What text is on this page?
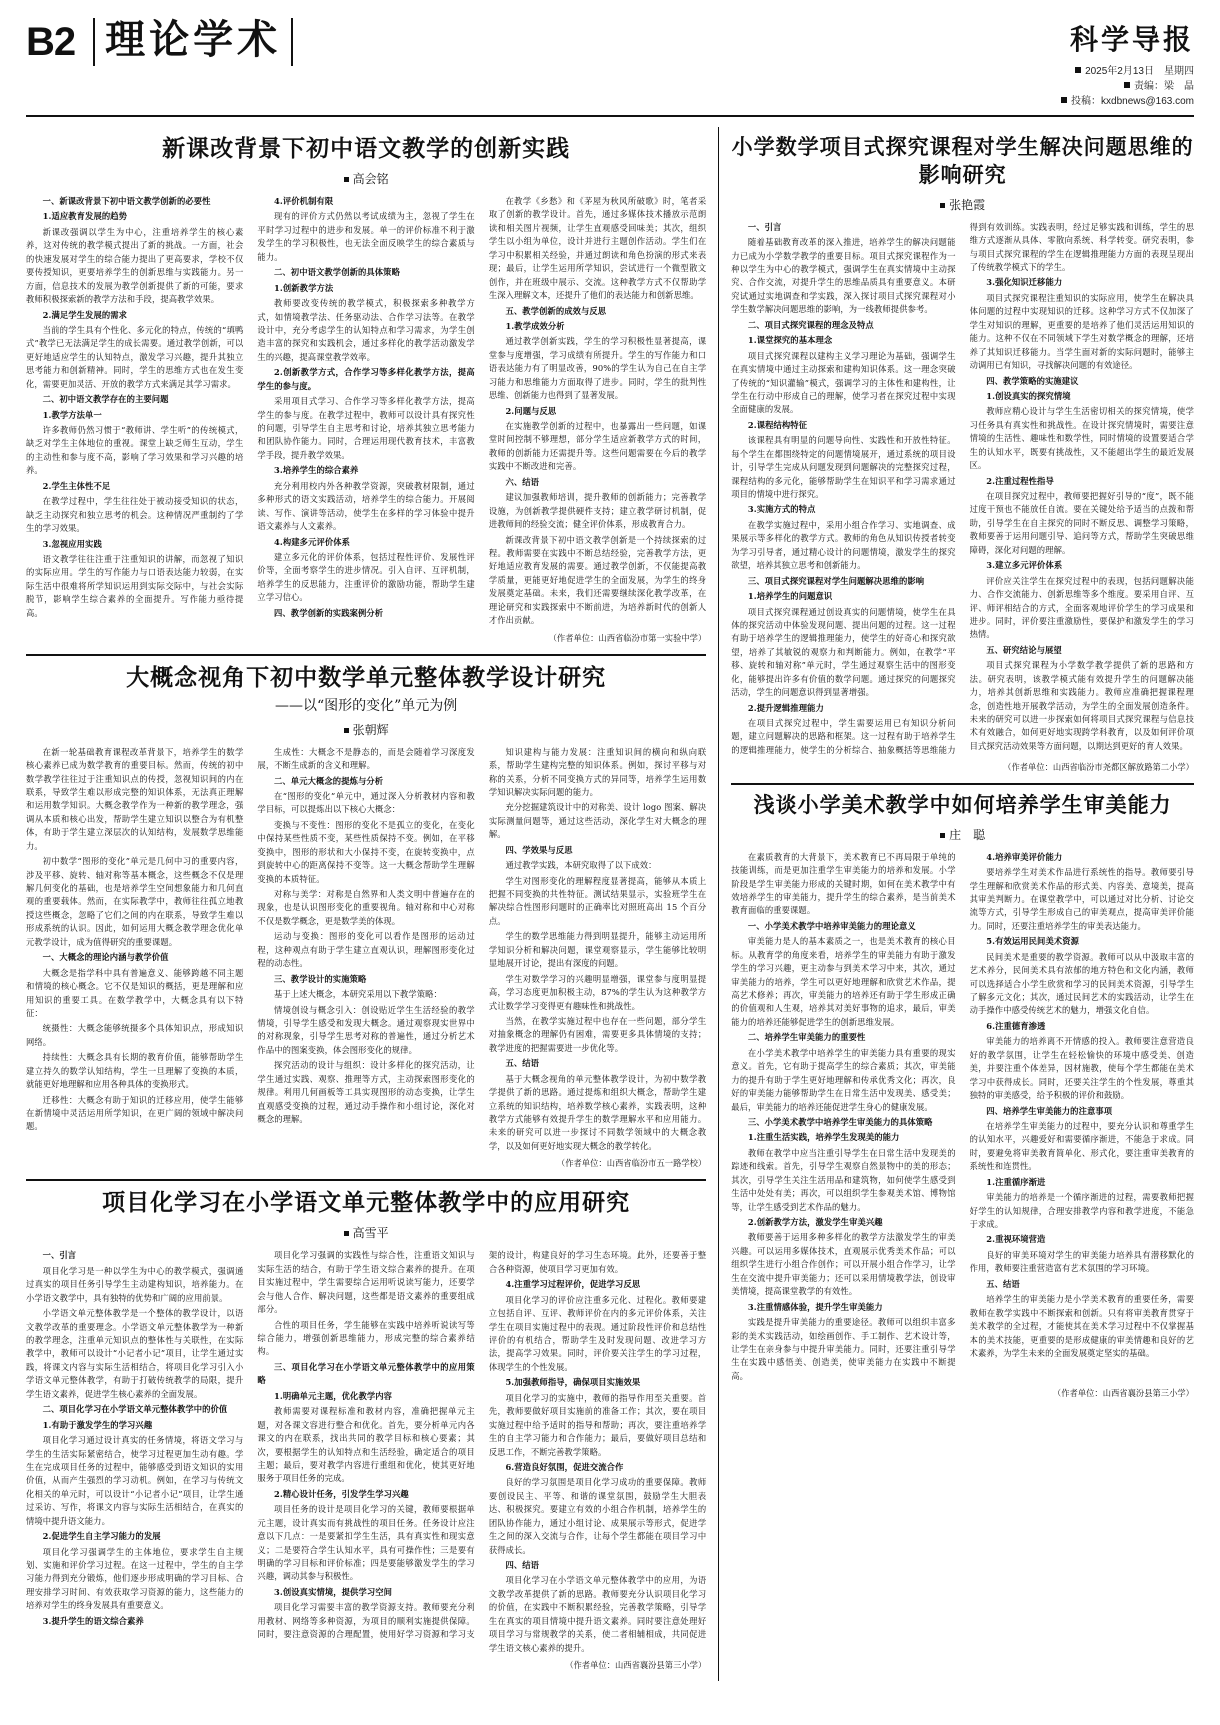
B2 理论学术	科学导报
2025年2月13日　星期四
责编：梁　晶
投稿：kxdbnews@163.com
新课改背景下初中语文教学的创新实践
高会铭

一、新课改背景下初中语文教学创新的必要性

1.适应教育发展的趋势

新课改强调以学生为中心，注重培养学生的核心素养，这对传统的教学模式提出了新的挑战。一方面，社会的快速发展对学生的综合能力提出了更高要求，学校不仅要传授知识，更要培养学生的创新思维与实践能力。另一方面，信息技术的发展为教学创新提供了新的可能，要求教师积极探索新的教学方法和手段，提高教学效果。

2.满足学生发展的需求

当前的学生具有个性化、多元化的特点，传统的“填鸭式”教学已无法满足学生的成长需要。通过教学创新，可以更好地适应学生的认知特点，激发学习兴趣，提升其独立思考能力和创新精神。同时，学生的思维方式也在发生变化，需要更加灵活、开放的教学方式来满足其学习需求。

二、初中语文教学存在的主要问题

1.教学方法单一

许多教师仍然习惯于“教师讲、学生听”的传统模式，缺乏对学生主体地位的重视。课堂上缺乏师生互动，学生的主动性和参与度不高，影响了学习效果和学习兴趣的培养。

2.学生主体性不足

在教学过程中，学生往往处于被动接受知识的状态，缺乏主动探究和独立思考的机会。这种情况严重制约了学生的学习效果。

3.忽视应用实践

语文教学往往注重于注重知识的讲解，而忽视了知识的实际应用。学生的写作能力与口语表达能力较弱，在实际生活中很难将所学知识运用到实际交际中，与社会实际脱节，影响学生综合素养的全面提升。写作能力亟待提高。

4.评价机制有限

现有的评价方式仍然以考试成绩为主，忽视了学生在平时学习过程中的进步和发展。单一的评价标准不利于激发学生的学习积极性，也无法全面反映学生的综合素质与能力。

二、初中语文教学创新的具体策略

1.创新教学方法

教师要改变传统的教学模式，积极探索多种教学方式，如情境教学法、任务驱动法、合作学习法等。在教学设计中，充分考虑学生的认知特点和学习需求，为学生创造丰富的探究和实践机会，通过多样化的教学活动激发学生的兴趣，提高课堂教学效率。

2.创新教学方式，合作学习等多样化教学方法，提高学生的参与度。

采用项目式学习、合作学习等多样化教学方法，提高学生的参与度。在教学过程中，教师可以设计具有探究性的问题，引导学生自主思考和讨论，培养其独立思考能力和团队协作能力。同时，合理运用现代教育技术，丰富教学手段，提升教学效果。

3.培养学生的综合素养

充分利用校内外各种教学资源，突破教材限制，通过多种形式的语文实践活动，培养学生的综合能力。开展阅读、写作、演讲等活动，使学生在多样的学习体验中提升语文素养与人文素养。

4.构建多元评价体系

建立多元化的评价体系，包括过程性评价、发展性评价等，全面考察学生的进步情况。引入自评、互评机制，培养学生的反思能力，注重评价的激励功能，帮助学生建立学习信心。

四、教学创新的实践案例分析

在教学《乡愁》和《茅屋为秋风所破歌》时，笔者采取了创新的教学设计。首先，通过多媒体技术播放示范朗读和相关图片视频，让学生直观感受回味美；其次，组织学生以小组为单位，设计并进行主题创作活动。学生们在学习中积累相关经验，并通过朗读和角色扮演的形式来表现；最后，让学生运用所学知识，尝试进行一个微型散文创作，并在班级中展示、交流。这种教学方式不仅帮助学生深入理解文本，还提升了他们的表达能力和创新思维。

五、教学创新的成效与反思

1.教学成效分析

通过教学创新实践，学生的学习积极性显著提高，课堂参与度增强，学习成绩有所提升。学生的写作能力和口语表达能力有了明显改善，90%的学生认为自己在自主学习能力和思维能力方面取得了进步。同时，学生的批判性思维、创新能力也得到了显著发展。

2.问题与反思

在实施教学创新的过程中，也暴露出一些问题，如课堂时间控制不够理想，部分学生适应新教学方式的时间，教师的创新能力还需提升等。这些问题需要在今后的教学实践中不断改进和完善。

六、结语

建议加强教师培训，提升教师的创新能力；完善教学设施，为创新教学提供硬件支持；建立教学研讨机制，促进教师间的经验交流；健全评价体系，形成教育合力。

新课改背景下初中语文教学创新是一个持续探索的过程。教师需要在实践中不断总结经验，完善教学方法，更好地适应教育发展的需要。通过教学创新，不仅能提高教学质量，更能更好地促进学生的全面发展，为学生的终身发展奠定基础。未来，我们还需要继续深化教学改革，在理论研究和实践探索中不断前进，为培养新时代的创新人才作出贡献。

（作者单位：山西省临汾市第一实验中学）

大概念视角下初中数学单元整体教学设计研究
——以“图形的变化”单元为例
张朝辉

在新一轮基础教育课程改革背景下，培养学生的数学核心素养已成为数学教育的重要目标。然而，传统的初中数学教学往往过于注重知识点的传授，忽视知识间的内在联系，导致学生难以形成完整的知识体系，无法真正理解和运用数学知识。大概念教学作为一种新的教学理念，强调从本质和核心出发，帮助学生建立知识以整合为有机整体，有助于学生建立深层次的认知结构，发展数学思维能力。

初中数学“图形的变化”单元是几何中习的重要内容，涉及平移、旋转、轴对称等基本概念，这些概念不仅是理解几何变化的基础，也是培养学生空间想象能力和几何直观的重要载体。然而，在实际教学中，教师往往孤立地教授这些概念，忽略了它们之间的内在联系，导致学生难以形成系统的认识。因此，如何运用大概念教学理念优化单元教学设计，成为值得研究的重要课题。

一、大概念的理论内涵与教学价值

大概念是指学科中具有普遍意义、能够跨越不同主题和情境的核心概念。它不仅是知识的概括，更是理解和应用知识的重要工具。在数学教学中，大概念具有以下特征：

统摄性：大概念能够统摄多个具体知识点，形成知识网络。

持续性：大概念具有长期的教育价值，能够帮助学生建立持久的数学认知结构，学生一旦理解了变换的本质，就能更好地理解和应用各种具体的变换形式。

迁移性：大概念有助于知识的迁移应用，使学生能够在新情境中灵活运用所学知识，在更广阔的领域中解决问题。

生成性：大概念不是静态的，而是会随着学习深度发展，不断生成新的含义和理解。

二、单元大概念的提炼与分析

在“图形的变化”单元中，通过深入分析教材内容和教学目标，可以提炼出以下核心大概念：

变换与不变性：图形的变化不是孤立的变化，在变化中保持某些性质不变，某些性质保持不变。例如，在平移变换中，图形的形状和大小保持不变，在旋转变换中，点到旋转中心的距离保持不变等。这一大概念帮助学生理解变换的本质特征。

对称与美学：对称是自然界和人类文明中普遍存在的现象，也是认识图形变化的重要视角。轴对称和中心对称不仅是数学概念，更是数学美的体现。

运动与变换：图形的变化可以看作是图形的运动过程，这种观点有助于学生建立直观认识，理解图形变化过程的动态性。

三、教学设计的实施策略

基于上述大概念，本研究采用以下教学策略：

情境创设与概念引入：创设贴近学生生活经验的教学情境，引导学生感受和发现大概念。通过观察现实世界中的对称现象，引导学生思考对称的普遍性，通过分析艺术作品中的图案变换，体会图形变化的规律。

探究活动的设计与组织：设计多样化的探究活动，让学生通过实践、观察、推理等方式，主动探索图形变化的规律。利用几何画板等工具实现图形的动态变换，让学生直观感受变换的过程，通过动手操作和小组讨论，深化对概念的理解。

知识建构与能力发展：注重知识间的横向和纵向联系，帮助学生建构完整的知识体系。例如，探讨平移与对称的关系，分析不同变换方式的异同等，培养学生运用数学知识解决实际问题的能力。

充分挖掘建筑设计中的对称美、设计 logo 图案、解决实际测量问题等，通过这些活动，深化学生对大概念的理解。

四、学效果与反思

通过教学实践，本研究取得了以下成效：

学生对图形变化的理解程度显著提高，能够从本质上把握不同变换的共性特征。测试结果显示，实验班学生在解决综合性图形问题时的正确率比对照班高出 15 个百分点。

学生的数学思维能力得到明显提升，能够主动运用所学知识分析和解决问题，课堂观察显示，学生能够比较明显地展开讨论，提出有深度的问题。

学生对数学学习的兴趣明显增强，课堂参与度明显提高，学习态度更加积极主动，87%的学生认为这种教学方式让数学学习变得更有趣味性和挑战性。

当然，在教学实施过程中也存在一些问题，部分学生对抽象概念的理解仍有困难，需要更多具体情境的支持；教学进度的把握需要进一步优化等。

五、结语

基于大概念视角的单元整体教学设计，为初中数学教学提供了新的思路。通过提炼和组织大概念，帮助学生建立系统的知识结构，培养数学核心素养，实践表明，这种教学方式能够有效提升学生的数学理解水平和应用能力。未来的研究可以进一步探讨不同数学领域中的大概念教学，以及如何更好地实现大概念的教学转化。

（作者单位：山西省临汾市五一路学校）

项目化学习在小学语文单元整体教学中的应用研究
高雪平

一、引言

项目化学习是一种以学生为中心的教学模式，强调通过真实的项目任务引导学生主动建构知识，培养能力。在小学语文教学中，具有独特的优势和广阔的应用前景。

小学语文单元整体教学是一个整体的教学设计，以语文教学改革的重要理念。小学语文单元整体教学为一种新的教学理念，注重单元知识点的整体性与关联性，在实际教学中，教师可以设计“小记者小记”项目，让学生通过实践，将课文内容与实际生活相结合，将项目化学习引入小学语文单元整体教学，有助于打破传统教学的局限，提升学生语文素养，促进学生核心素养的全面发展。

二、项目化学习在小学语文单元整体教学中的价值

1.有助于激发学生的学习兴趣

项目化学习通过设计真实的任务情境，将语文学习与学生的生活实际紧密结合，使学习过程更加生动有趣。学生在完成项目任务的过程中，能够感受到语文知识的实用价值，从而产生强烈的学习动机。例如，在学习与传统文化相关的单元时，可以设计“小记者小记”项目，让学生通过采访、写作，将课文内容与实际生活相结合，在真实的情境中提升语文能力。

2.促进学生自主学习能力的发展

项目化学习强调学生的主体地位，要求学生自主规划、实施和评价学习过程。在这一过程中，学生的自主学习能力得到充分锻炼，他们逐步形成明确的学习目标、合理安排学习时间、有效获取学习资源的能力，这些能力的培养对学生的终身发展具有重要意义。

3.提升学生的语文综合素养

项目化学习强调的实践性与综合性，注重语文知识与实际生活的结合，有助于学生语文综合素养的提升。在项目实施过程中，学生需要综合运用听说读写能力，还要学会与他人合作、解决问题，这些都是语文素养的重要组成部分。

合性的项目任务，学生能够在实践中培养听说读写等综合能力，增强创新思维能力，形成完整的综合素养结构。

三、项目化学习在小学语文单元整体教学中的应用策略

1.明确单元主题，优化教学内容

教师需要对课程标准和教材内容，准确把握单元主题，对各课文容进行整合和优化。首先，要分析单元内各课文的内在联系，找出共同的教学目标和核心要素；其次，要根据学生的认知特点和生活经验，确定适合的项目主题；最后，要对教学内容进行重组和优化，使其更好地服务于项目任务的完成。

2.精心设计任务，引发学生学习兴趣

项目任务的设计是项目化学习的关键，教师要根据单元主题，设计真实而有挑战性的项目任务。任务设计应注意以下几点：一是要紧扣学生生活，具有真实性和现实意义；二是要符合学生认知水平，具有可操作性；三是要有明确的学习目标和评价标准；四是要能够激发学生的学习兴趣，调动其参与积极性。

3.创设真实情境，提供学习空间

项目化学习需要丰富的教学资源支持。教师要充分利用教材、网络等多种资源，为项目的顺利实施提供保障。同时，要注意资源的合理配置，使用好学习资源和学习支架的设计，构建良好的学习生态环境。此外，还要善于整合各种资源，使项目学习更加有效。

4.注重学习过程评价，促进学习反思

项目化学习的评价应注重多元化、过程化。教师要建立包括自评、互评、教师评价在内的多元评价体系，关注学生在项目实施过程中的表现。通过阶段性评价和总结性评价的有机结合，帮助学生及时发现问题、改进学习方法，提高学习效果。同时，评价要关注学生的学习过程，体现学生的个性发展。

5.加强教师指导，确保项目实施效果

项目化学习的实施中，教师的指导作用至关重要。首先，教师要做好项目实施前的准备工作；其次，要在项目实施过程中给予适时的指导和帮助；再次，要注重培养学生的自主学习能力和合作能力；最后，要做好项目总结和反思工作，不断完善教学策略。

6.营造良好氛围，促进交流合作

良好的学习氛围是项目化学习成功的重要保障。教师要创设民主、平等、和谐的课堂氛围，鼓励学生大胆表达、积极探究。要建立有效的小组合作机制，培养学生的团队协作能力，通过小组讨论、成果展示等形式，促进学生之间的深入交流与合作，让每个学生都能在项目学习中获得成长。

四、结语

项目化学习在小学语文单元整体教学中的应用，为语文教学改革提供了新的思路。教师要充分认识项目化学习的价值，在实践中不断积累经验，完善教学策略，引导学生在真实的项目情境中提升语文素养。同时要注意处理好项目学习与常规教学的关系，使二者相辅相成，共同促进学生语文核心素养的提升。

（作者单位：山西省襄汾县第三小学）

小学数学项目式探究课程对学生解决问题思维的影响研究
张艳霞

一、引言

随着基础教育改革的深入推进，培养学生的解决问题能力已成为小学数学教学的重要目标。项目式探究课程作为一种以学生为中心的教学模式，强调学生在真实情境中主动探究、合作交流，对提升学生的思维品质具有重要意义。本研究试通过实地调查和学实践，深入探讨项目式探究课程对小学生数学解决问题思维的影响，为一线教师提供参考。

二、项目式探究课程的理念及特点

1.课堂探究的基本理念

项目式探究课程以建构主义学习理论为基础，强调学生在真实情境中通过主动探索和建构知识体系。这一理念突破了传统的“知识灌输”模式，强调学习的主体性和建构性，让学生在行动中形成自己的理解，使学习者在探究过程中实现全面健康的发展。

2.课程结构特征

该课程具有明显的问题导向性、实践性和开放性特征。每个学生在都围绕特定的问题情境展开，通过系统的项目设计，引导学生完成从问题发现到问题解决的完整探究过程，课程结构的多元化，能够帮助学生在知识平和学习需求通过项目的情境中进行探究。

3.实施方式的特点

在教学实施过程中，采用小组合作学习、实地调查、成果展示等多样化的教学方式。教师的角色从知识传授者转变为学习引导者，通过精心设计的问题情境，激发学生的探究欲望，培养其独立思考和创新能力。

三、项目式探究课程对学生问题解决思维的影响

1.培养学生的问题意识

项目式探究课程通过创设真实的问题情境，使学生在具体的探究活动中体验发现问题、提出问题的过程。这一过程有助于培养学生的逻辑推理能力，使学生的好奇心和探究欲望，培养了其敏锐的观察力和判断能力。例如，在教学“平移、旋转和轴对称”单元时，学生通过观察生活中的图形变化，能够提出许多有价值的数学问题。通过探究的问题探究活动，学生的问题意识得到显著增强。

2.提升逻辑推理能力

在项目式探究过程中，学生需要运用已有知识分析问题，建立问题解决的思路和框架。这一过程有助于培养学生的逻辑推理能力，使学生的分析综合、抽象概括等思维能力得到有效训练。实践表明，经过足够实践和训练，学生的思维方式逐渐从具体、零散向系统、科学转变。研究表明，参与项目式探究课程的学生在逻辑推理能力方面的表现呈现出了传统教学模式下的学生。

3.强化知识迁移能力

项目式探究课程注重知识的实际应用，使学生在解决具体问题的过程中实现知识的迁移。这种学习方式不仅加深了学生对知识的理解，更重要的是培养了他们灵活运用知识的能力。这种不仅在不同领域下学生对数学概念的理解，还培养了其知识迁移能力。当学生面对新的实际问题时，能够主动调用已有知识，寻找解决问题的有效途径。

四、教学策略的实施建议

1.创设真实的探究情境

教师应精心设计与学生生活密切相关的探究情境，使学习任务具有真实性和挑战性。在设计探究情境时，需要注意情境的生活性、趣味性和数学性，同时情境的设置要适合学生的认知水平，既要有挑战性，又不能超出学生的最近发展区。

2.注重过程性指导

在项目探究过程中，教师要把握好引导的“度”，既不能过度干预也不能放任自流。要在关键处给予适当的点拨和帮助，引导学生在自主探究的同时不断反思、调整学习策略，教师要善于运用问题引导、追问等方式，帮助学生突破思维障碍，深化对问题的理解。

3.建立多元评价体系

评价应关注学生在探究过程中的表现，包括问题解决能力、合作交流能力、创新思维等多个维度。要采用自评、互评、师评相结合的方式，全面客观地评价学生的学习成果和进步。同时，评价要注重激励性，要保护和激发学生的学习热情。

五、研究结论与展望

项目式探究课程为小学数学教学提供了新的思路和方法。研究表明，该教学模式能有效提升学生的问题解决能力，培养其创新思维和实践能力。教师应准确把握课程理念，创造性地开展教学活动，为学生的全面发展创造条件。未来的研究可以进一步探索如何将项目式探究课程与信息技术有效融合，如何更好地实现跨学科教育，以及如何评价项目式探究活动效果等方面问题，以期达到更好的育人效果。

（作者单位：山西省临汾市尧都区解放路第二小学）

浅谈小学美术教学中如何培养学生审美能力
庄　聪

在素质教育的大背景下，美术教育已不再局限于单纯的技能训练，而是更加注重学生审美能力的培养和发展。小学阶段是学生审美能力形成的关键时期，如何在美术教学中有效培养学生的审美能力，提升学生的综合素养，是当前美术教育面临的重要课题。

一、小学美术教学中培养审美能力的理论意义

审美能力是人的基本素质之一，也是美术教育的核心目标。从教育学的角度来看，培养学生的审美能力有助于激发学生的学习兴趣，更主动参与到美术学习中来，其次，通过审美能力的培养，学生可以更好地理解和欣赏艺术作品，提高艺术修养；再次，审美能力的培养还有助于学生形成正确的价值观和人生观，培养其对美好事物的追求，最后，审美能力的培养还能够促进学生的创新思维发展。

二、培养学生审美能力的重要性

在小学美术教学中培养学生的审美能力具有重要的现实意义。首先，它有助于提高学生的综合素质；其次，审美能力的提升有助于学生更好地理解和传承优秀文化；再次，良好的审美能力能够帮助学生在日常生活中发现美、感受美；最后，审美能力的培养还能促进学生身心的健康发展。

三、小学美术教学中培养学生审美能力的具体策略

1.注重生活实践，培养学生发现美的能力

教师在教学中应当注重引导学生在日常生活中发现美的踪迹和线索。首先，引导学生观察自然景物中的美的形态；其次，引导学生关注生活用品和建筑物，如何使学生感受到生活中处处有美；再次，可以组织学生参观美术馆、博物馆等，让学生感受到艺术作品的魅力。

2.创新教学方法，激发学生审美兴趣

教师要善于运用多种多样化的教学方法激发学生的审美兴趣。可以运用多媒体技术，直观展示优秀美术作品；可以组织学生进行小组合作创作；可以开展小组合作学习，让学生在交流中提升审美能力；还可以采用情境教学法，创设审美情境，提高课堂教学的有效性。

3.注重情感体验，提升学生审美能力

实践是提升审美能力的重要途径。教师可以组织丰富多彩的美术实践活动，如绘画创作、手工制作、艺术设计等，让学生在亲身参与中提升审美能力。同时，还要注重引导学生在实践中感悟美、创造美，使审美能力在实践中不断提高。

4.培养审美评价能力

要培养学生对美术作品进行系统性的指导。教师要引导学生理解和欣赏美术作品的形式美、内容美、意境美，提高其审美判断力。在课堂教学中，可以通过对比分析、讨论交流等方式，引导学生形成自己的审美观点，提高审美评价能力。同时，还要注重培养学生的审美表达能力。

5.有效运用民间美术资源

民间美术是重要的教学资源。教师可以从中汲取丰富的艺术养分，民间美术具有浓郁的地方特色和文化内涵，教师可以选择适合小学生欣赏和学习的民间美术资源，引导学生了解多元文化；其次，通过民间艺术的实践活动，让学生在动手操作中感受传统艺术的魅力，增强文化自信。

6.注重德育渗透

审美能力的培养离不开情感的投入。教师要注意营造良好的教学氛围，让学生在轻松愉快的环境中感受美、创造美，并要注重个体差异，因材施教，使每个学生都能在美术学习中获得成长。同时，还要关注学生的个性发展，尊重其独特的审美感受，给予积极的评价和鼓励。

四、培养学生审美能力的注意事项

在培养学生审美能力的过程中，要充分认识和尊重学生的认知水平，兴趣爱好和需要循序渐进，不能急于求成。同时，要避免将审美教育简单化、形式化，要注重审美教育的系统性和连贯性。

1.注重循序渐进

审美能力的培养是一个循序渐进的过程，需要教师把握好学生的认知规律，合理安排教学内容和教学进度，不能急于求成。

2.重视环境营造

良好的审美环境对学生的审美能力培养具有潜移默化的作用，教师要注重营造富有艺术氛围的学习环境。

五、结语

培养学生的审美能力是小学美术教育的重要任务，需要教师在教学实践中不断探索和创新。只有将审美教育贯穿于美术教学的全过程，才能使其在美术学习过程中不仅掌握基本的美术技能，更重要的是形成健康的审美情趣和良好的艺术素养，为学生未来的全面发展奠定坚实的基础。

（作者单位：山西省襄汾县第三小学）
